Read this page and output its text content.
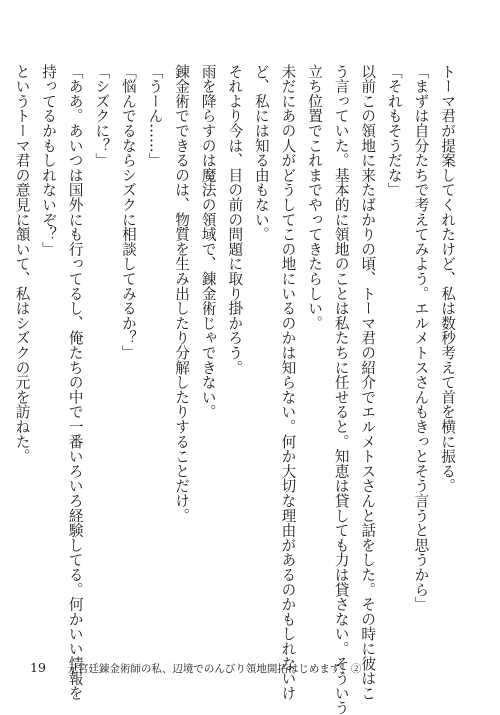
トーマ君が提案してくれたけど、私は数秒考えて首を横に振る。
「まずは自分たちで考えてみよう。エルメトスさんもきっとそう言うと思うから」
「それもそうだな」
以前この領地に来たばかりの頃、トーマ君の紹介でエルメトスさんと話をした。その時に彼はこ
う言っていた。基本的に領地のことは私たちに任せると。知恵は貸しても力は貸さない。そういう
立ち位置でこれまでやってきたらしい。
未だにあの人がどうしてこの地にいるのかは知らない。何か大切な理由があるのかもしれないけ
ど、私には知る由もない。
それより今は、目の前の問題に取り掛かろう。
雨を降らすのは魔法の領域で、錬金術じゃできない。
錬金術でできるのは、物質を生み出したり分解したりすることだけ。
「うーん……」
「悩んでるならシズクに相談してみるか？」
「シズクに？」
「ああ。あいつは国外にも行ってるし、俺たちの中で一番いろいろ経験してる。何かいい情報を
持ってるかもしれないぞ？」
というトーマ君の意見に頷いて、私はシズクの元を訪ねた。
19 元宮廷錬金術師の私、辺境でのんびり領地開拓はじめます！②
